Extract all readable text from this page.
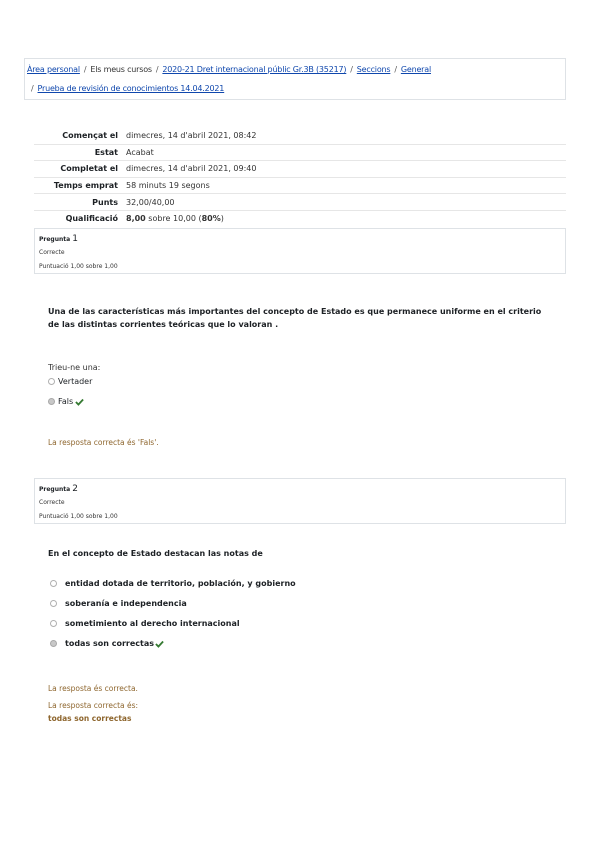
Àrea personal / Els meus cursos / 2020-21 Dret internacional públic Gr.3B (35217) / Seccions / General
/ Prueba de revisión de conocimientos 14.04.2021
Començat el	dimecres, 14 d'abril 2021, 08:42
Estat	Acabat
Completat el	dimecres, 14 d'abril 2021, 09:40
Temps emprat	58 minuts 19 segons
Punts	32,00/40,00
Qualificació	8,00 sobre 10,00 (80%)
Pregunta 1
Correcte
Puntuació 1,00 sobre 1,00
Una de las características más importantes del concepto de Estado es que permanece uniforme en el criterio de las distintas corrientes teóricas que lo valoran .
Trieu-ne una:
Vertader
Fals
La resposta correcta és 'Fals'.
Pregunta 2
Correcte
Puntuació 1,00 sobre 1,00
En el concepto de Estado destacan las notas de
entidad dotada de territorio, población, y gobierno
soberanía e independencia
sometimiento al derecho internacional
todas son correctas
La resposta és correcta.
La resposta correcta és:
todas son correctas
